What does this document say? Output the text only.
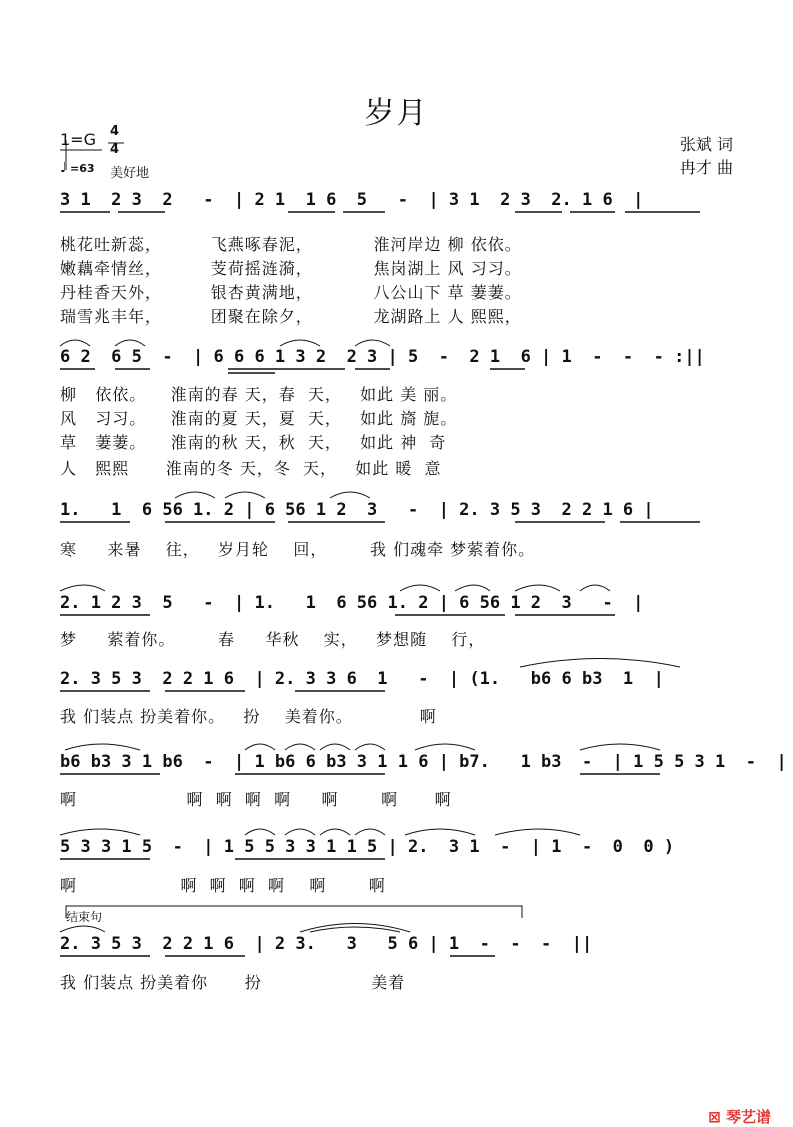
岁月
1=G 4
4
♩ =63 美好地
张斌 词
冉才 曲
3 1  2 3  2   -  | 2 1  1 6  5   -  | 3 1  2 3  2. 1 6  |
桃花吐新蕊，        飞燕啄春泥，          淮河岸边 柳 依依。
嫩藕牵情丝，        芰荷摇涟漪，          焦岗湖上 风 习习。
丹桂香天外，        银杏黄满地，          八公山下 草 萋萋。
瑞雪兆丰年，        团聚在除夕，          龙湖路上 人 熙熙，
6 2  6 5  -  | 6 6 6 1 3 2  2 3 | 5  -  2 1  6 | 1  -  -  - :||
柳   依依。    淮南的春 天，春  天，   如此 美 丽。
风   习习。    淮南的夏 天，夏  天，   如此 旖 旎。
草   萋萋。    淮南的秋 天，秋  天，   如此 神  奇
人   熙熙      淮南的冬 天，冬  天，   如此 暖  意
1.   1  6 56 1. 2 | 6 56 1 2  3   -  | 2. 3 5 3  2 2 1 6 |
寒     来暑    往，   岁月轮    回，       我 们魂牵 梦萦着你。
2. 1 2 3  5   -  | 1.   1  6 56 1. 2 | 6 56 1 2  3   -  |
梦     萦着你。       春     华秋    实，   梦想随    行，
2. 3 5 3  2 2 1 6  | 2. 3 3 6  1   -  | (1.   b6 6 b3  1  |
我 们装点 扮美着你。   扮    美着你。           啊
b6 b3 3 1 b6  -  | 1 b6 6 b3 3 1 1 6 | b7.   1 b3  -  | 1 5 5 3 1  -  |
啊                  啊  啊  啊  啊     啊       啊      啊
5 3 3 1 5  -  | 1 5 5 3 3 1 1 5 | 2.  3 1  -  | 1  -  0  0 )
啊                 啊  啊  啊  啊    啊       啊
结束句
2. 3 5 3  2 2 1 6  | 2 3.   3   5 6 | 1  -  -  -  ||
我 们装点 扮美着你      扮                  美着

⊠ 琴艺谱
